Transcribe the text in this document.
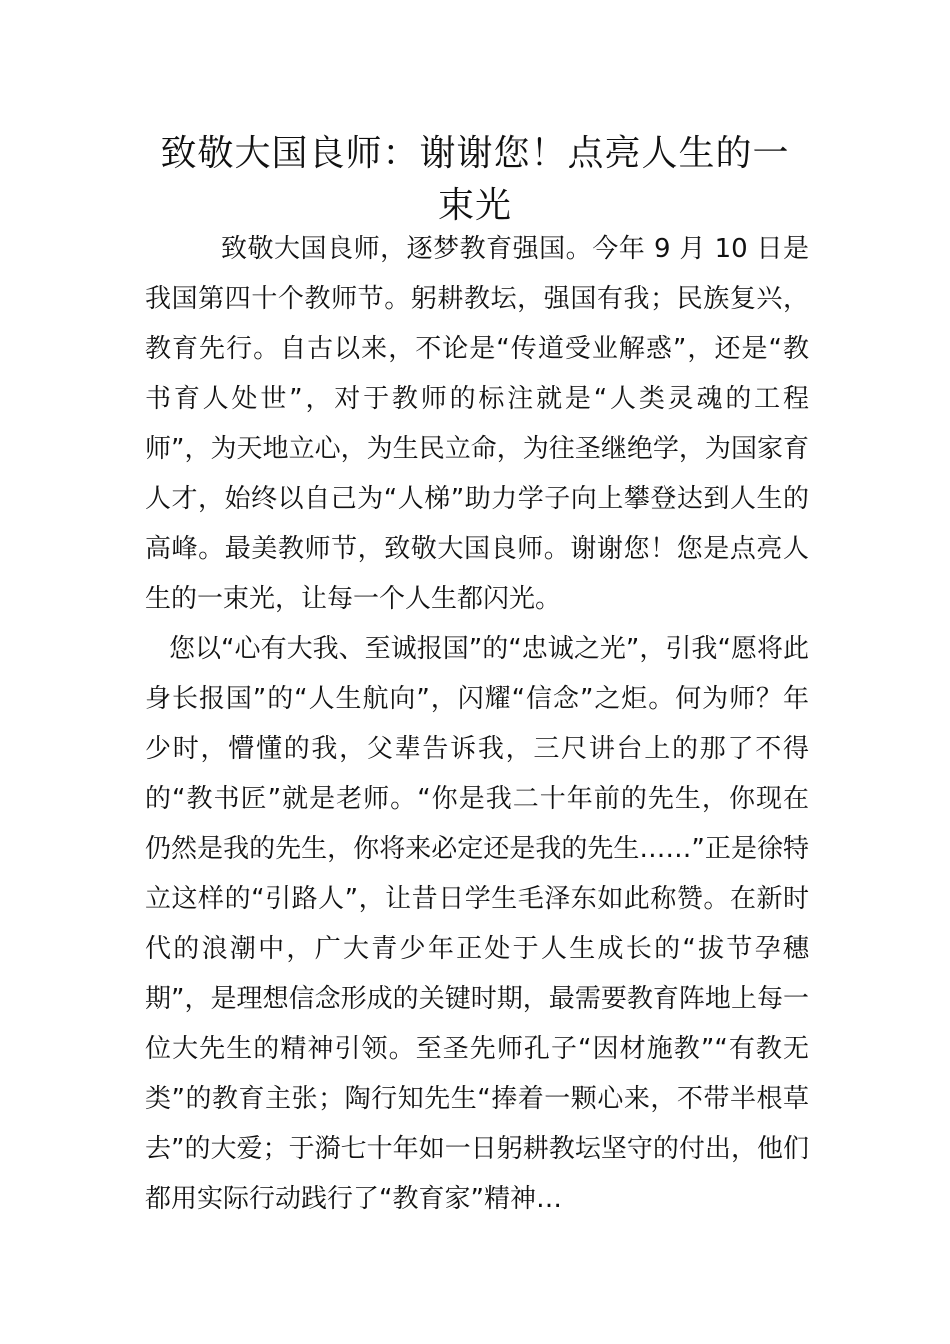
致敬大国良师：谢谢您！点亮人生的一束光

致敬大国良师，逐梦教育强国。今年 9 月 10 日是我国第四十个教师节。躬耕教坛，强国有我；民族复兴，教育先行。自古以来，不论是“传道受业解惑”，还是“教书育人处世”，对于教师的标注就是“人类灵魂的工程师”，为天地立心，为生民立命，为往圣继绝学，为国家育人才，始终以自己为“人梯”助力学子向上攀登达到人生的高峰。最美教师节，致敬大国良师。谢谢您！您是点亮人生的一束光，让每一个人生都闪光。

您以“心有大我、至诚报国”的“忠诚之光”，引我“愿将此身长报国”的“人生航向”，闪耀“信念”之炬。何为师？年少时，懵懂的我，父辈告诉我，三尺讲台上的那了不得的“教书匠”就是老师。“你是我二十年前的先生，你现在仍然是我的先生，你将来必定还是我的先生……”正是徐特立这样的“引路人”，让昔日学生毛泽东如此称赞。在新时代的浪潮中，广大青少年正处于人生成长的“拔节孕穗期”，是理想信念形成的关键时期，最需要教育阵地上每一位大先生的精神引领。至圣先师孔子“因材施教”“有教无类”的教育主张；陶行知先生“捧着一颗心来，不带半根草去”的大爱；于漪七十年如一日躬耕教坛坚守的付出，他们都用实际行动践行了“教育家”精神…
